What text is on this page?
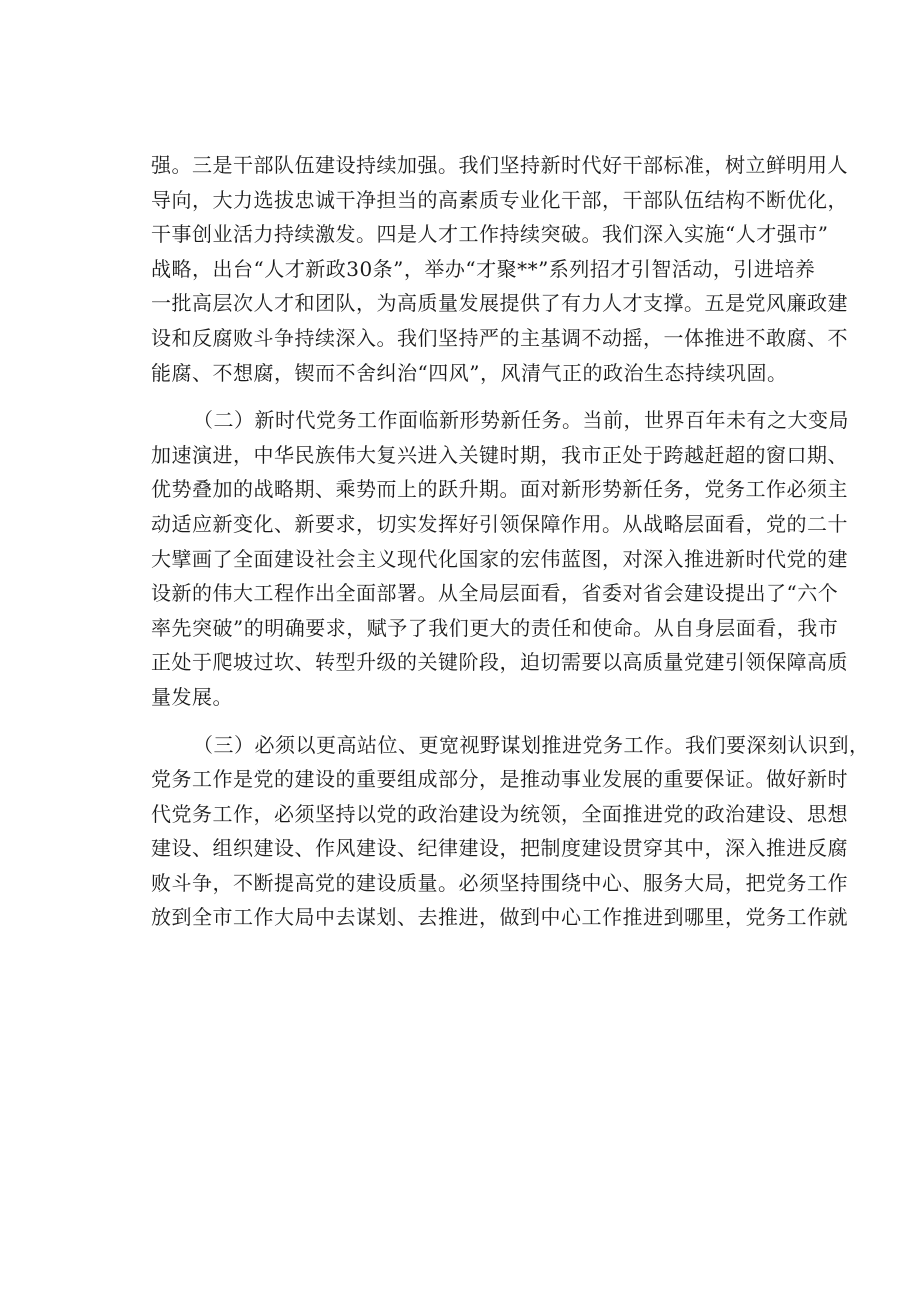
强。三是干部队伍建设持续加强。我们坚持新时代好干部标准，树立鲜明用人
导向，大力选拔忠诚干净担当的高素质专业化干部，干部队伍结构不断优化，
干事创业活力持续激发。四是人才工作持续突破。我们深入实施“人才强市”
战略，出台“人才新政30条”，举办“才聚**”系列招才引智活动，引进培养
一批高层次人才和团队，为高质量发展提供了有力人才支撑。五是党风廉政建
设和反腐败斗争持续深入。我们坚持严的主基调不动摇，一体推进不敢腐、不
能腐、不想腐，锲而不舍纠治“四风”，风清气正的政治生态持续巩固。
（二）新时代党务工作面临新形势新任务。当前，世界百年未有之大变局
加速演进，中华民族伟大复兴进入关键时期，我市正处于跨越赶超的窗口期、
优势叠加的战略期、乘势而上的跃升期。面对新形势新任务，党务工作必须主
动适应新变化、新要求，切实发挥好引领保障作用。从战略层面看，党的二十
大擘画了全面建设社会主义现代化国家的宏伟蓝图，对深入推进新时代党的建
设新的伟大工程作出全面部署。从全局层面看，省委对省会建设提出了“六个
率先突破”的明确要求，赋予了我们更大的责任和使命。从自身层面看，我市
正处于爬坡过坎、转型升级的关键阶段，迫切需要以高质量党建引领保障高质
量发展。
（三）必须以更高站位、更宽视野谋划推进党务工作。我们要深刻认识到，
党务工作是党的建设的重要组成部分，是推动事业发展的重要保证。做好新时
代党务工作，必须坚持以党的政治建设为统领，全面推进党的政治建设、思想
建设、组织建设、作风建设、纪律建设，把制度建设贯穿其中，深入推进反腐
败斗争，不断提高党的建设质量。必须坚持围绕中心、服务大局，把党务工作
放到全市工作大局中去谋划、去推进，做到中心工作推进到哪里，党务工作就
